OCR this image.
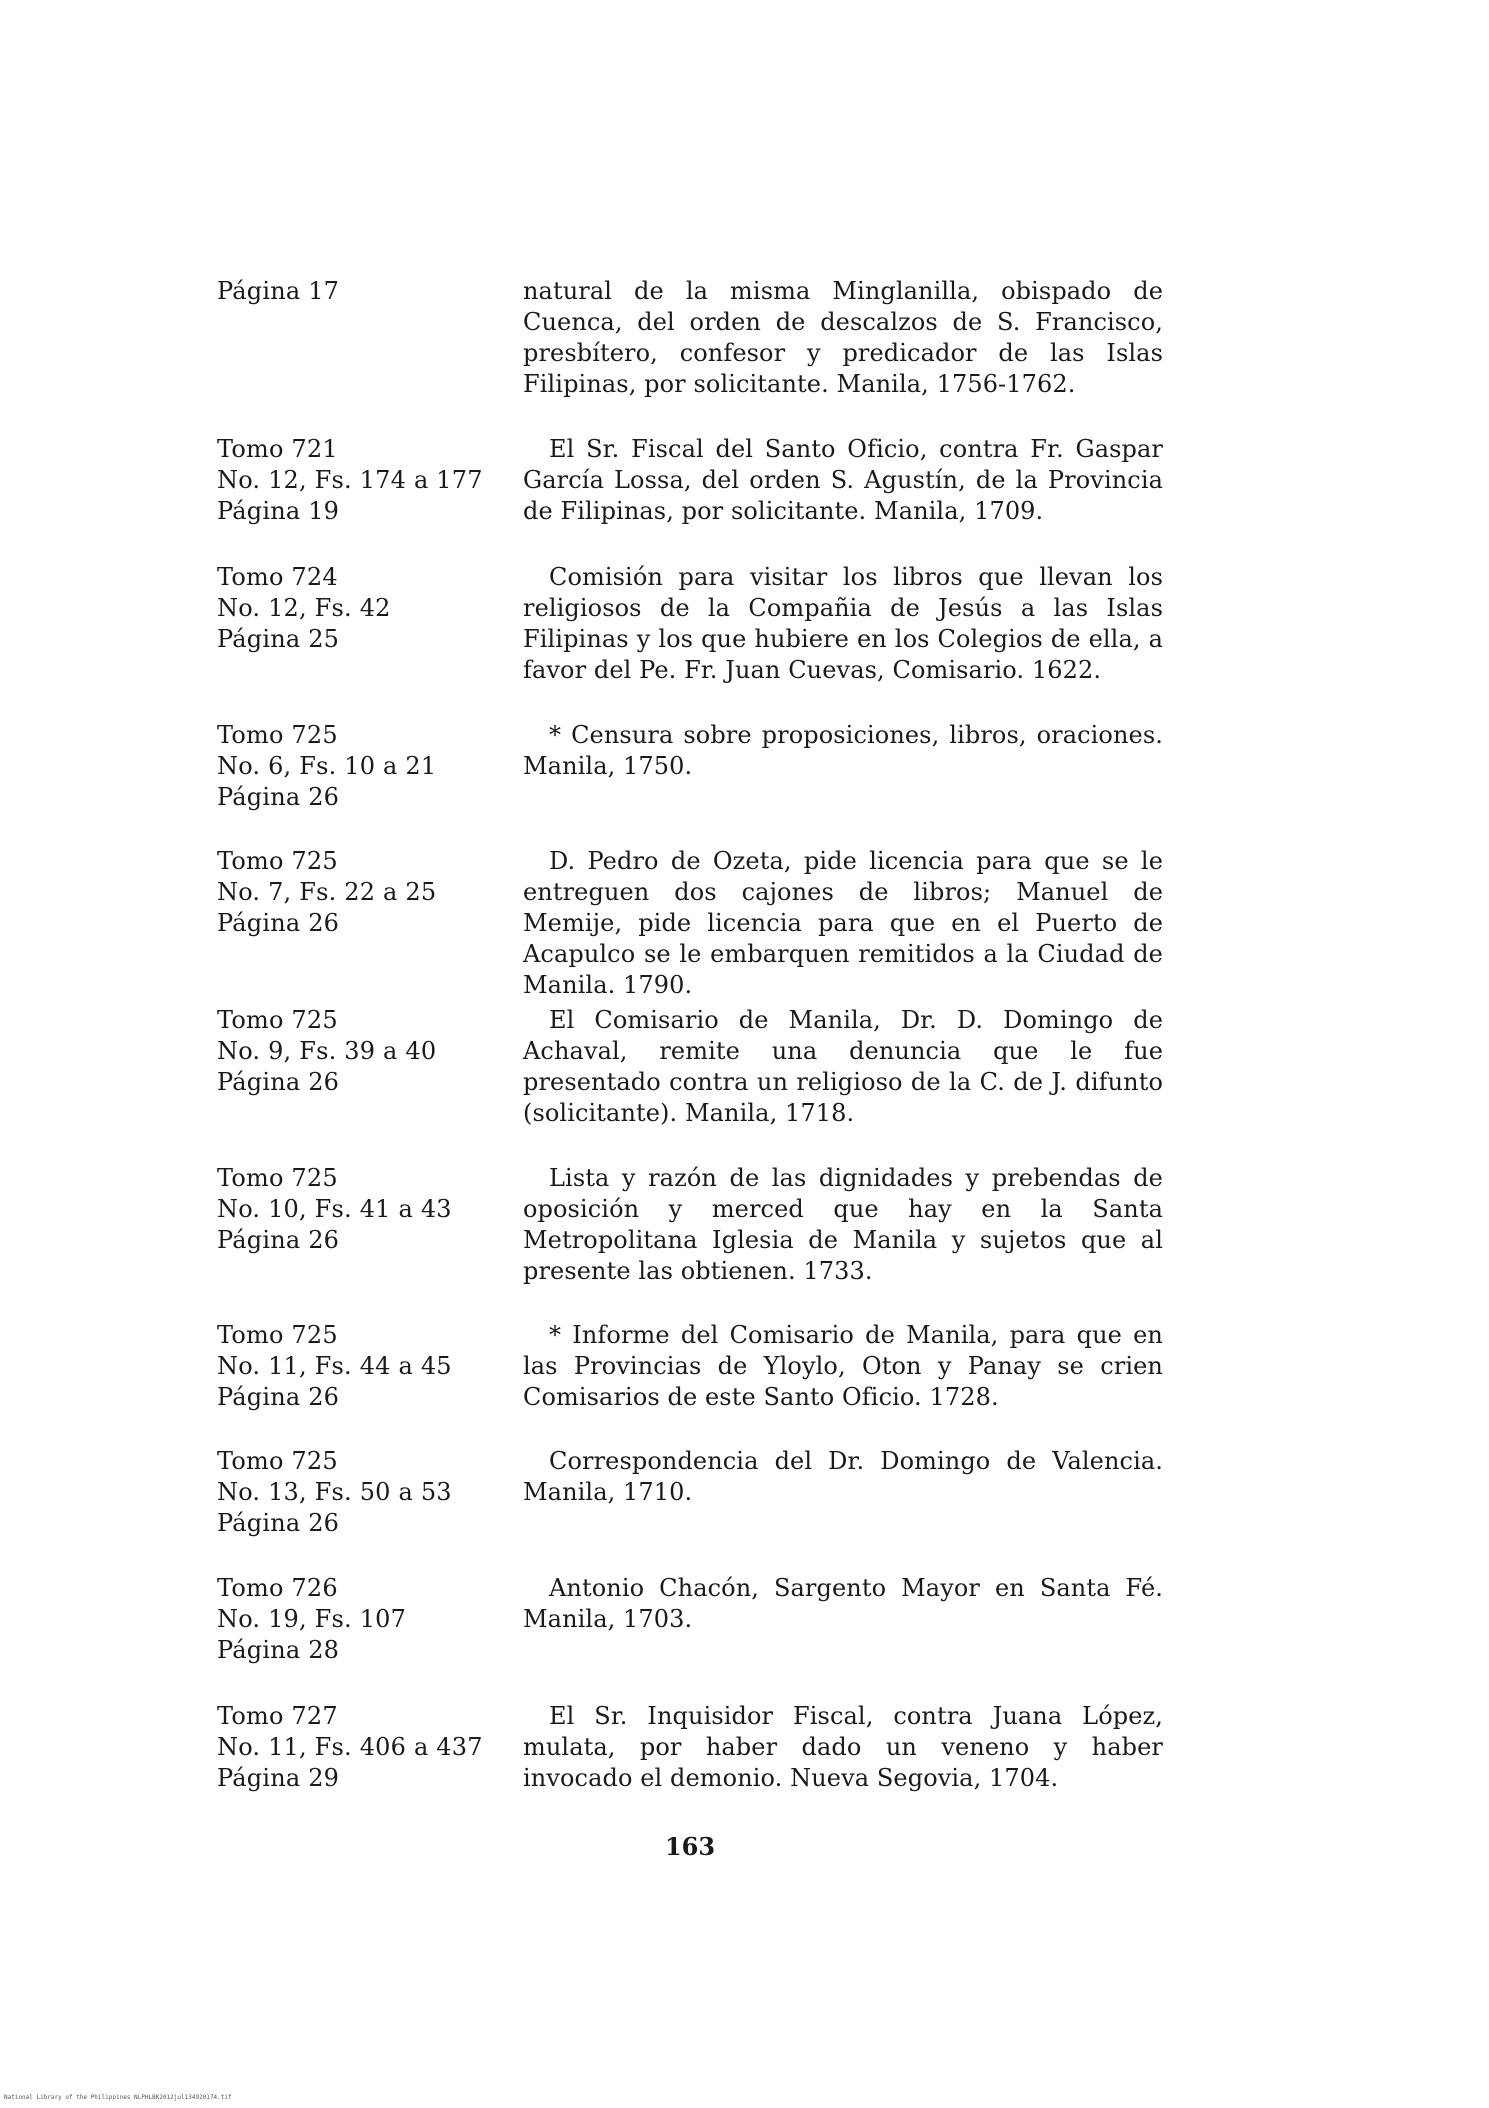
Página 17	natural de la misma Minglanilla, obispado de Cuenca, del orden de descalzos de S. Francisco, presbítero, confesor y predicador de las Islas Filipinas, por solicitante. Manila, 1756-1762.
Tomo 721
No. 12, Fs. 174 a 177
Página 19
El Sr. Fiscal del Santo Oficio, contra Fr. Gaspar García Lossa, del orden S. Agustín, de la Provincia de Filipinas, por solicitante. Manila, 1709.
Tomo 724
No. 12, Fs. 42
Página 25
Comisión para visitar los libros que llevan los religiosos de la Compañia de Jesús a las Islas Filipinas y los que hubiere en los Colegios de ella, a favor del Pe. Fr. Juan Cuevas, Comisario. 1622.
Tomo 725
No. 6, Fs. 10 a 21
Página 26
* Censura sobre proposiciones, libros, oraciones. Manila, 1750.
Tomo 725
No. 7, Fs. 22 a 25
Página 26
D. Pedro de Ozeta, pide licencia para que se le entreguen dos cajones de libros; Manuel de Memije, pide licencia para que en el Puerto de Acapulco se le embarquen remitidos a la Ciudad de Manila. 1790.
Tomo 725
No. 9, Fs. 39 a 40
Página 26
El Comisario de Manila, Dr. D. Domingo de Achaval, remite una denuncia que le fue presentado contra un religioso de la C. de J. difunto (solicitante). Manila, 1718.
Tomo 725
No. 10, Fs. 41 a 43
Página 26
Lista y razón de las dignidades y prebendas de oposición y merced que hay en la Santa Metropolitana Iglesia de Manila y sujetos que al presente las obtienen. 1733.
Tomo 725
No. 11, Fs. 44 a 45
Página 26
* Informe del Comisario de Manila, para que en las Provincias de Yloylo, Oton y Panay se crien Comisarios de este Santo Oficio. 1728.
Tomo 725
No. 13, Fs. 50 a 53
Página 26
Correspondencia del Dr. Domingo de Valencia. Manila, 1710.
Tomo 726
No. 19, Fs. 107
Página 28
Antonio Chacón, Sargento Mayor en Santa Fé. Manila, 1703.
Tomo 727
No. 11, Fs. 406 a 437
Página 29
El Sr. Inquisidor Fiscal, contra Juana López, mulata, por haber dado un veneno y haber invocado el demonio. Nueva Segovia, 1704.
163
National Library of the Philippines NLPHLBK2012jul134920174.tif
